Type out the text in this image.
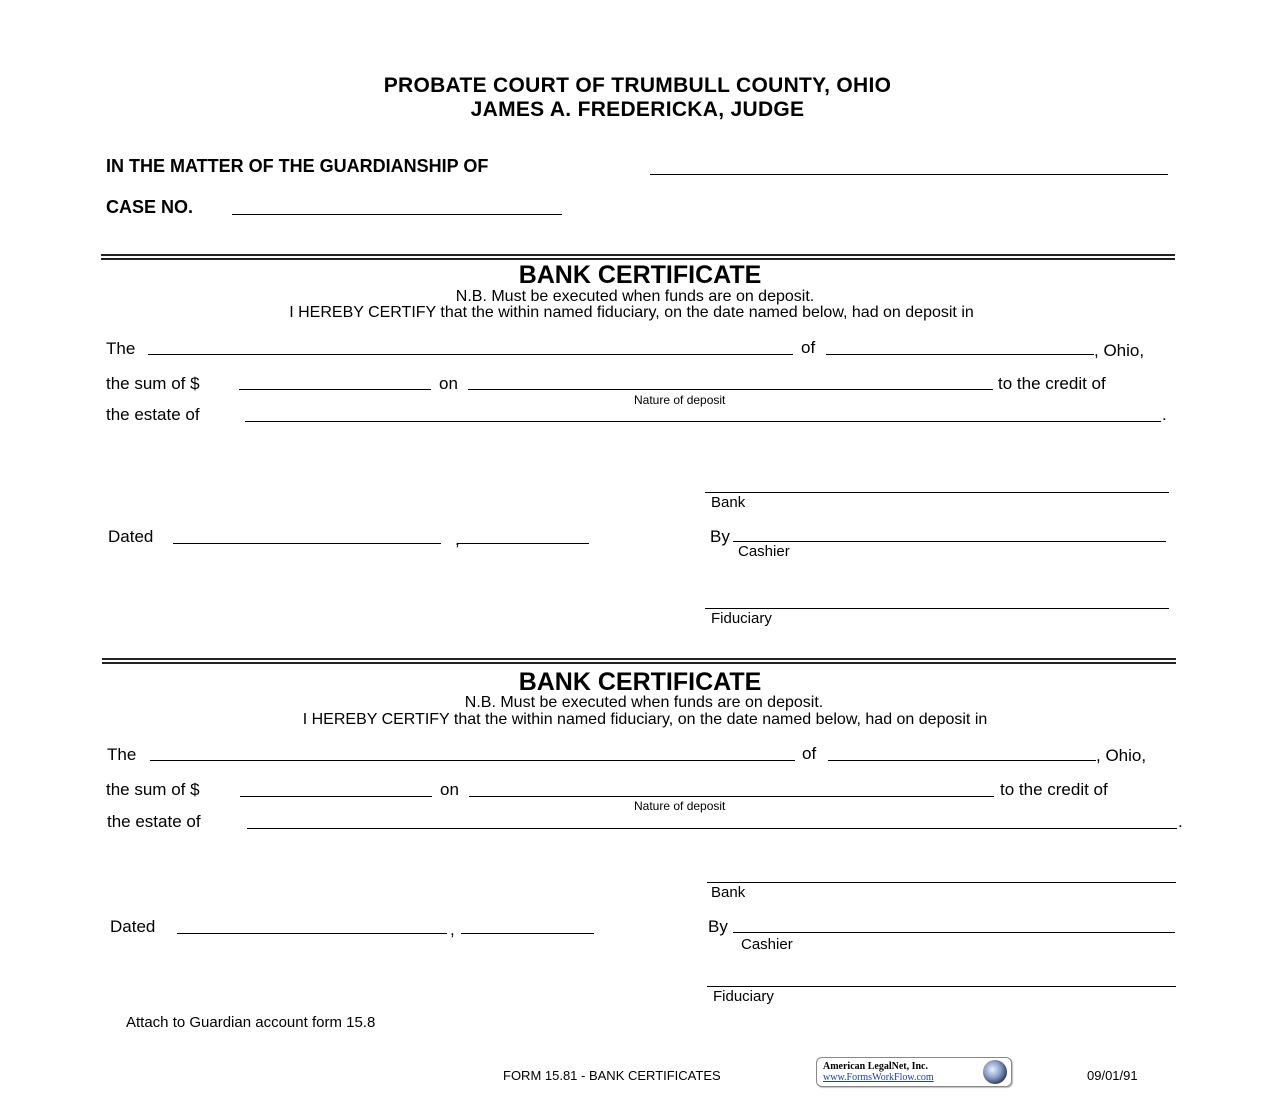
PROBATE COURT OF TRUMBULL COUNTY, OHIO
JAMES A. FREDERICKA, JUDGE
IN THE MATTER OF THE GUARDIANSHIP OF
CASE NO.
BANK CERTIFICATE
N.B. Must be executed when funds are on deposit.
I HEREBY CERTIFY that the within named fiduciary, on the date named below, had on deposit in
The	of	, Ohio,
the sum of $	on	to the credit of
Nature of deposit
the estate of	.
Bank
Dated	,	By
Cashier
Fiduciary
BANK CERTIFICATE
N.B. Must be executed when funds are on deposit.
I HEREBY CERTIFY that the within named fiduciary, on the date named below, had on deposit in
The	of	, Ohio,
the sum of $	on	to the credit of
Nature of deposit
the estate of	.
Bank
Dated	,	By
Cashier
Fiduciary
Attach to Guardian account form 15.8
FORM 15.81 - BANK CERTIFICATES
American LegalNet, Inc.
www.FormsWorkFlow.com	09/01/91
